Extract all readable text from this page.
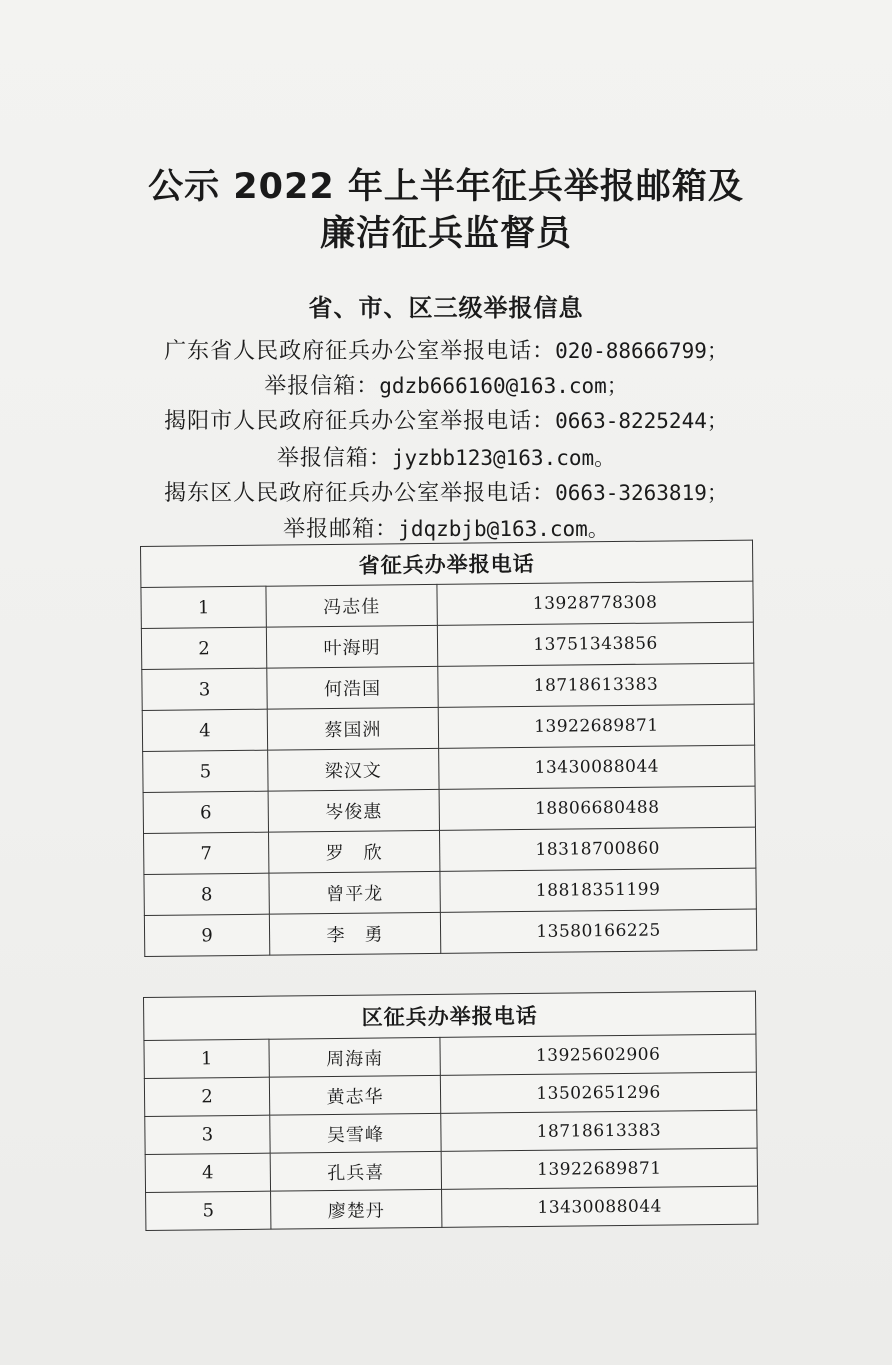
公示 2022 年上半年征兵举报邮箱及
廉洁征兵监督员
省、市、区三级举报信息
广东省人民政府征兵办公室举报电话：020-88666799；
举报信箱：gdzb666160@163.com；
揭阳市人民政府征兵办公室举报电话：0663-8225244；
举报信箱：jyzbb123@163.com。
揭东区人民政府征兵办公室举报电话：0663-3263819；
举报邮箱：jdqzbjb@163.com。
省征兵办举报电话		
1	冯志佳	13928778308
2	叶海明	13751343856
3	何浩国	18718613383
4	蔡国洲	13922689871
5	梁汉文	13430088044
6	岑俊惠	18806680488
7	罗　欣	18318700860
8	曾平龙	18818351199
9	李　勇	13580166225
区征兵办举报电话		
1	周海南	13925602906
2	黄志华	13502651296
3	吴雪峰	18718613383
4	孔兵喜	13922689871
5	廖楚丹	13430088044
